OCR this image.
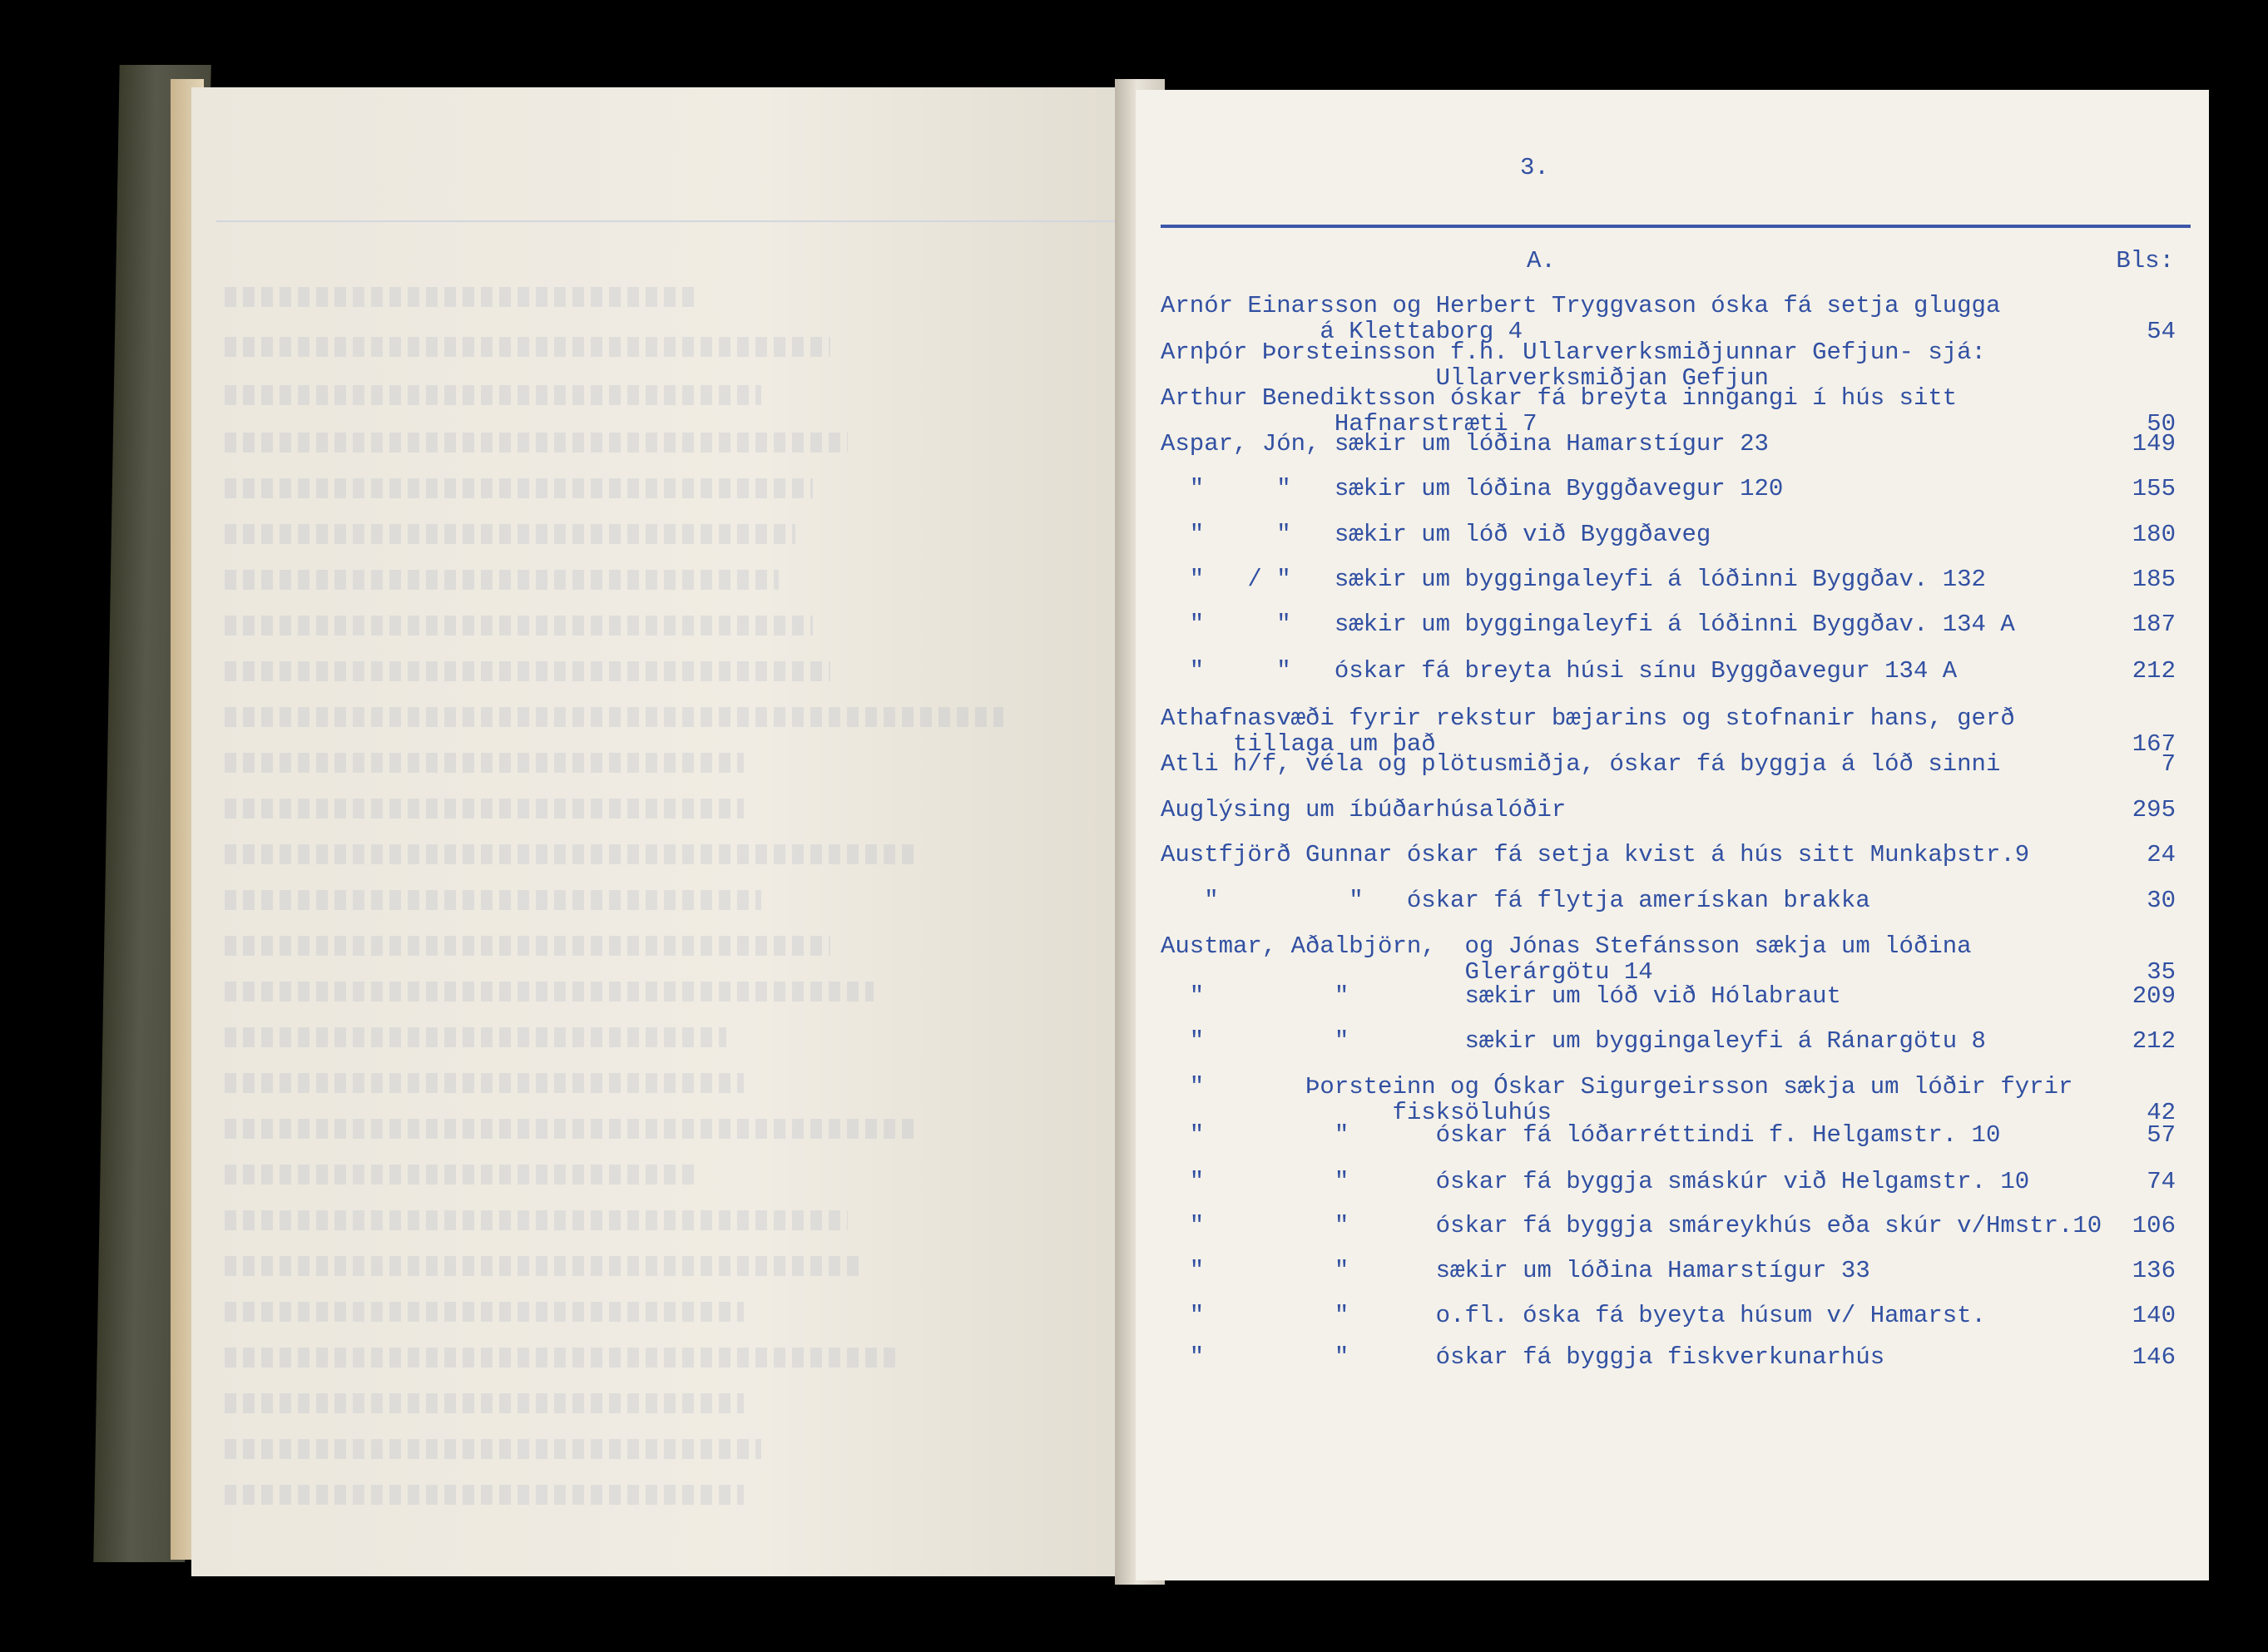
3.
A.	Bls:
Arnór Einarsson og Herbert Tryggvason óska fá setja glugga
á Klettaborg 4	54
Arnþór Þorsteinsson f.h. Ullarverksmiðjunnar Gefjun- sjá:
Ullarverksmiðjan Gefjun
Arthur Benediktsson óskar fá breyta inngangi í hús sitt
Hafnarstræti 7	50
Aspar, Jón, sækir um lóðina Hamarstígur 23	149
"     "   sækir um lóðina Byggðavegur 120	155
"     "   sækir um lóð við Byggðaveg	180
"   / "   sækir um byggingaleyfi á lóðinni Byggðav. 132	185
"     "   sækir um byggingaleyfi á lóðinni Byggðav. 134 A	187
"     "   óskar fá breyta húsi sínu Byggðavegur 134 A	212
Athafnasvæði fyrir rekstur bæjarins og stofnanir hans, gerð
tillaga um það	167
Atli h/f, véla og plötusmiðja, óskar fá byggja á lóð sinni	7
Auglýsing um íbúðarhúsalóðir	295
Austfjörð Gunnar óskar fá setja kvist á hús sitt Munkaþstr.9	24
"         "   óskar fá flytja amerískan brakka	30
Austmar, Aðalbjörn,  og Jónas Stefánsson sækja um lóðina
Glerárgötu 14	35
"         "        sækir um lóð við Hólabraut	209
"         "        sækir um byggingaleyfi á Ránargötu 8	212
"       Þorsteinn og Óskar Sigurgeirsson sækja um lóðir fyrir
fisksöluhús	42
"         "      óskar fá lóðarréttindi f. Helgamstr. 10	57
"         "      óskar fá byggja smáskúr við Helgamstr. 10	74
"         "      óskar fá byggja smáreykhús eða skúr v/Hmstr.10 106
"         "      sækir um lóðina Hamarstígur 33	136
"         "      o.fl. óska fá byeyta húsum v/ Hamarst.	140
"         "      óskar fá byggja fiskverkunarhús	146
